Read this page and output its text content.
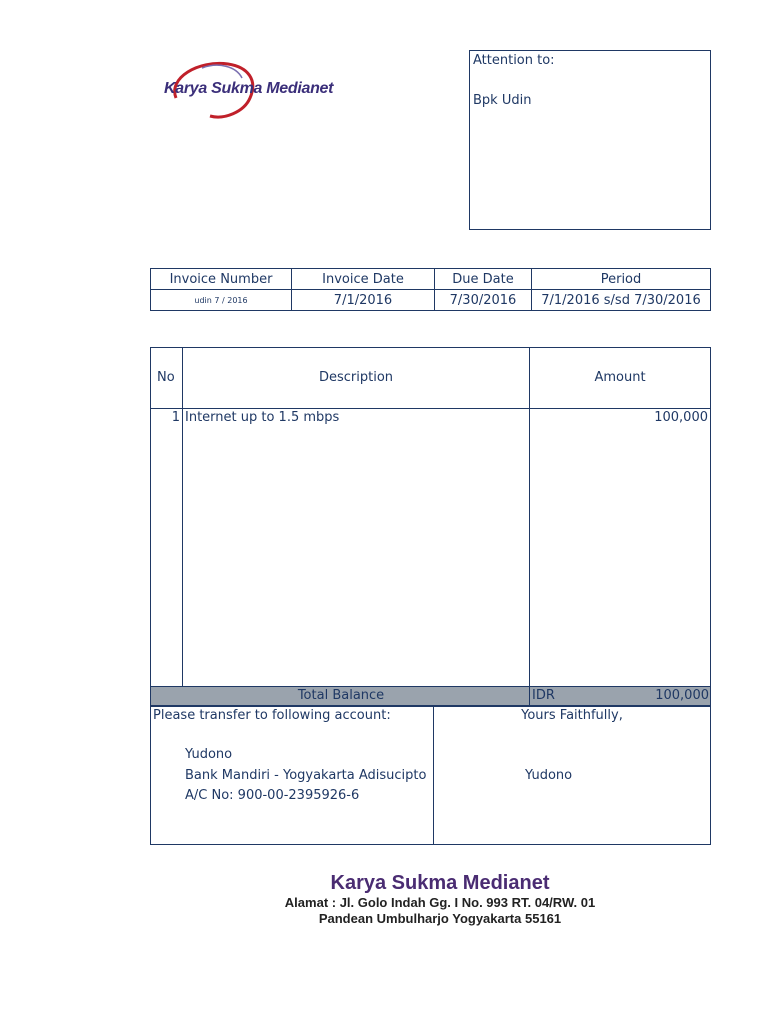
Karya Sukma Medianet
Attention to:
Bpk Udin
Invoice Number	Invoice Date	Due Date	Period
udin 7 / 2016	7/1/2016	7/30/2016	7/1/2016 s/sd 7/30/2016
No	Description	Amount
1 Internet up to 1.5 mbps	100,000
Total Balance	IDR	100,000
Please transfer to following account:
Yudono
Bank Mandiri - Yogyakarta Adisucipto
A/C No: 900-00-2395926-6
Yours Faithfully,
Yudono
Karya Sukma Medianet
Alamat : Jl. Golo Indah Gg. I No. 993 RT. 04/RW. 01
Pandean Umbulharjo Yogyakarta 55161
